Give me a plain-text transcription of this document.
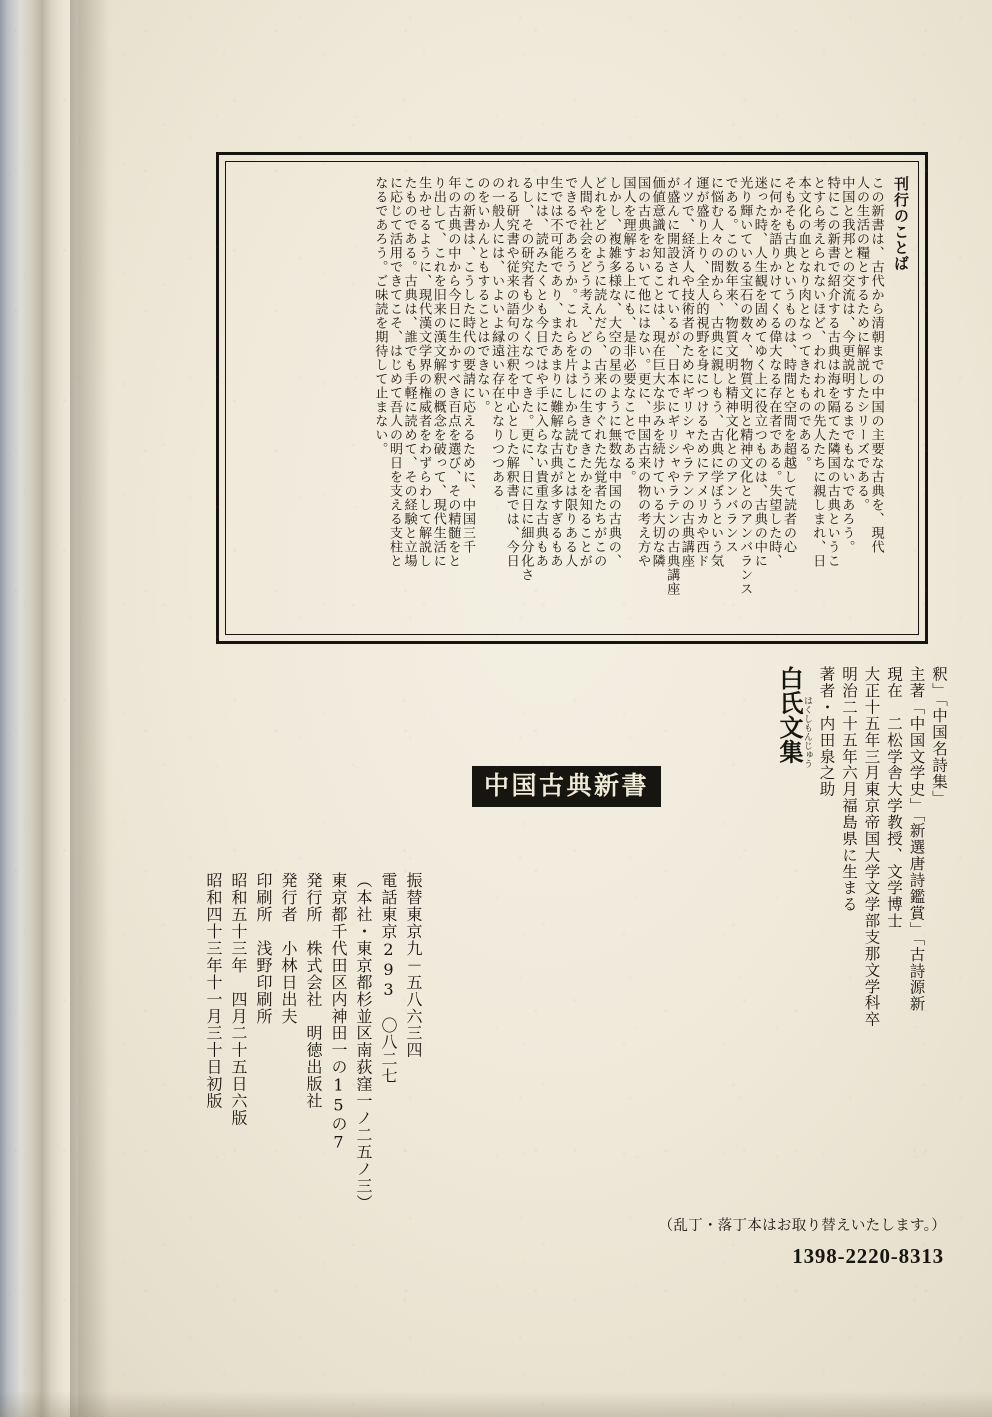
刊行のことば
この新書は、古代から清朝までの中国の主要な古典を、現代
人の生活の糧とするために解説したシリーズである。
中国と我邦との交流は、今更説明するまでもないであろう。
特にこの新書で紹介する古典は海を隔てた隣国の古典というこ
とすら考えられないほど、われわれの先人たちに親しまれ、日
本文化の血となり肉となってきたものである。
そもそも古典というものは、時間と空間を超越して読者の心
に何かを語りかけてくる偉大なる存在者である。失望した時、
迷った時、人生観を固めてゆく上に役立つものは、古典の中に
光り輝いている宝石の数々、物質文明と精神文化とのアンバランス
である。この数年来、物質文明と精神文化とのアンバランス
に悩む人々の間から、古典に親しもう、古典に学ぼうという気
運が盛り上り、全人的視野を身につけるためにアメリカや西ド
イツで、経済人や技術者のためにギリシャやラテンの古典講座
が盛んに開設されているが、日本でにギリシャやラテンの古典講座
価値意識を知ることは、現在巨大な歩みを続けている大切な隣
国の古典をおいて他にはない。更に、中国古来の物の考え方や
国人を理解する上にも、是非必要なことである。
しかし、複雑多様な、大空の星のように無数な中国の古典の、
どれをどのように読んだら、古来のすぐれた先覚者たちがこの
人間や社会をどう考え、どのように生きてきたかを知ることが
できるであろうか。これらを片はしから読むことは限りある人
生では不可能であり、またあまりに難解な古典が多すぎるもあ
中には、読みたくとも今日ではや手に入らない貴重な古典もあ
るし、その研究者も少なくなってきた。更に、日に日に細分化さ
れる研究書や従来の語句の注釈を中心とした解釈書では、今日
の一般人には、いよいよ縁遠い存在となりつつある
のをいかんともすることはできない。
この新書は、こうした時代の要請に応えるために、中国三千
年の古典の中から今日に生かすべき百点を選び、その精髄をと
り出して、これを旧来の漢文解釈の概念を破って、現代生活に
生かせるように、現代漢文学界の権威者をわずらわして解説し
たものである。古典は、誰でも手軽に読めて、その経験と立場
に応じて活用できてこそ、はじめて吾人の明日を支える支柱と
なるであろう。ご味読を期待して止まない。
中国古典新書
白氏文集
はくしもんじゅう 著者・内田泉之助 明治二十五年六月福島県に生まる 大正十五年三月東京帝国大学文学部支那文学科卒 現在　二松学舎大学教授、文学博士 主著「中国文学史」「新選唐詩鑑賞」「古詩源新 釈」「中国名詩集」
昭和四十三年十一月三十日初版 昭和五十三年　四月二十五日六版 印刷所　浅野印刷所 発行者　小林日出夫 発行所　株式会社　明徳出版社 東京都千代田区内神田一の15の7 （本社・東京都杉並区南荻窪一ノ二五ノ三） 電話東京293　〇八二七 振替東京九－五八六三四
（乱丁・落丁本はお取り替えいたします。）
1398-2220-8313
